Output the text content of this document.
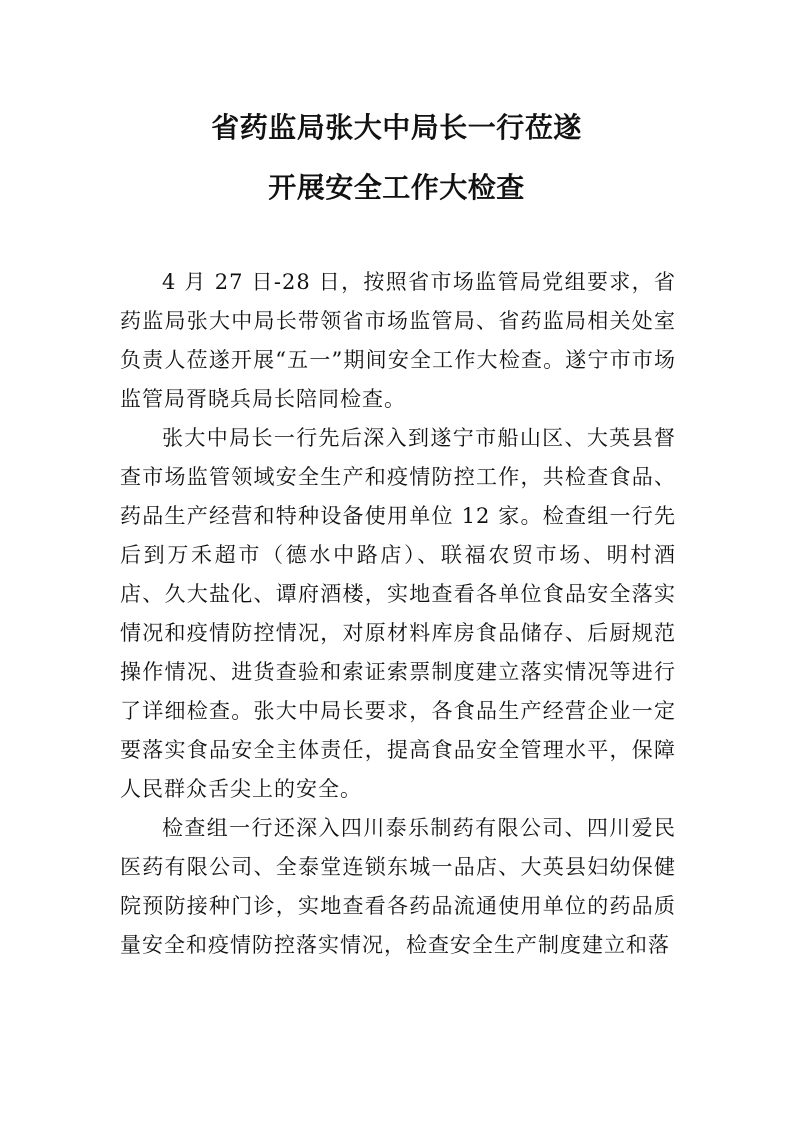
省药监局张大中局长一行莅遂
开展安全工作大检查

4 月 27 日-28 日，按照省市场监管局党组要求，省药监局张大中局长带领省市场监管局、省药监局相关处室负责人莅遂开展“五一”期间安全工作大检查。遂宁市市场监管局胥晓兵局长陪同检查。

张大中局长一行先后深入到遂宁市船山区、大英县督查市场监管领域安全生产和疫情防控工作，共检查食品、药品生产经营和特种设备使用单位 12 家。检查组一行先后到万禾超市（德水中路店）、联福农贸市场、明村酒店、久大盐化、谭府酒楼，实地查看各单位食品安全落实情况和疫情防控情况，对原材料库房食品储存、后厨规范操作情况、进货查验和索证索票制度建立落实情况等进行了详细检查。张大中局长要求，各食品生产经营企业一定要落实食品安全主体责任，提高食品安全管理水平，保障人民群众舌尖上的安全。

检查组一行还深入四川泰乐制药有限公司、四川爱民医药有限公司、全泰堂连锁东城一品店、大英县妇幼保健院预防接种门诊，实地查看各药品流通使用单位的药品质量安全和疫情防控落实情况，检查安全生产制度建立和落
